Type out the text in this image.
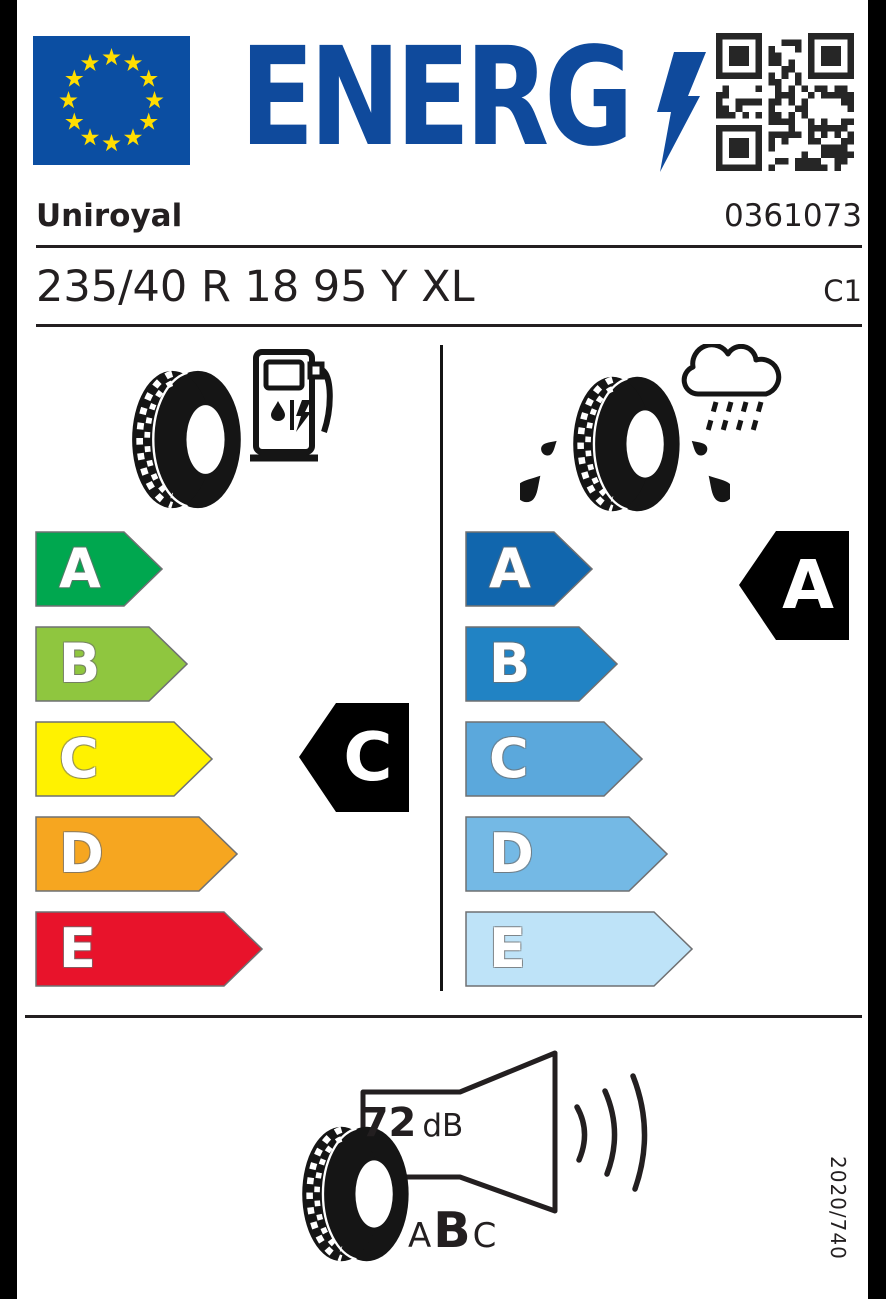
ENERG
Uniroyal	0361073
235/40 R 18 95 Y XL	C1
A
B
C
D
E
C
A
B
C
D
E
A
72 dB
A B C	2020/740
